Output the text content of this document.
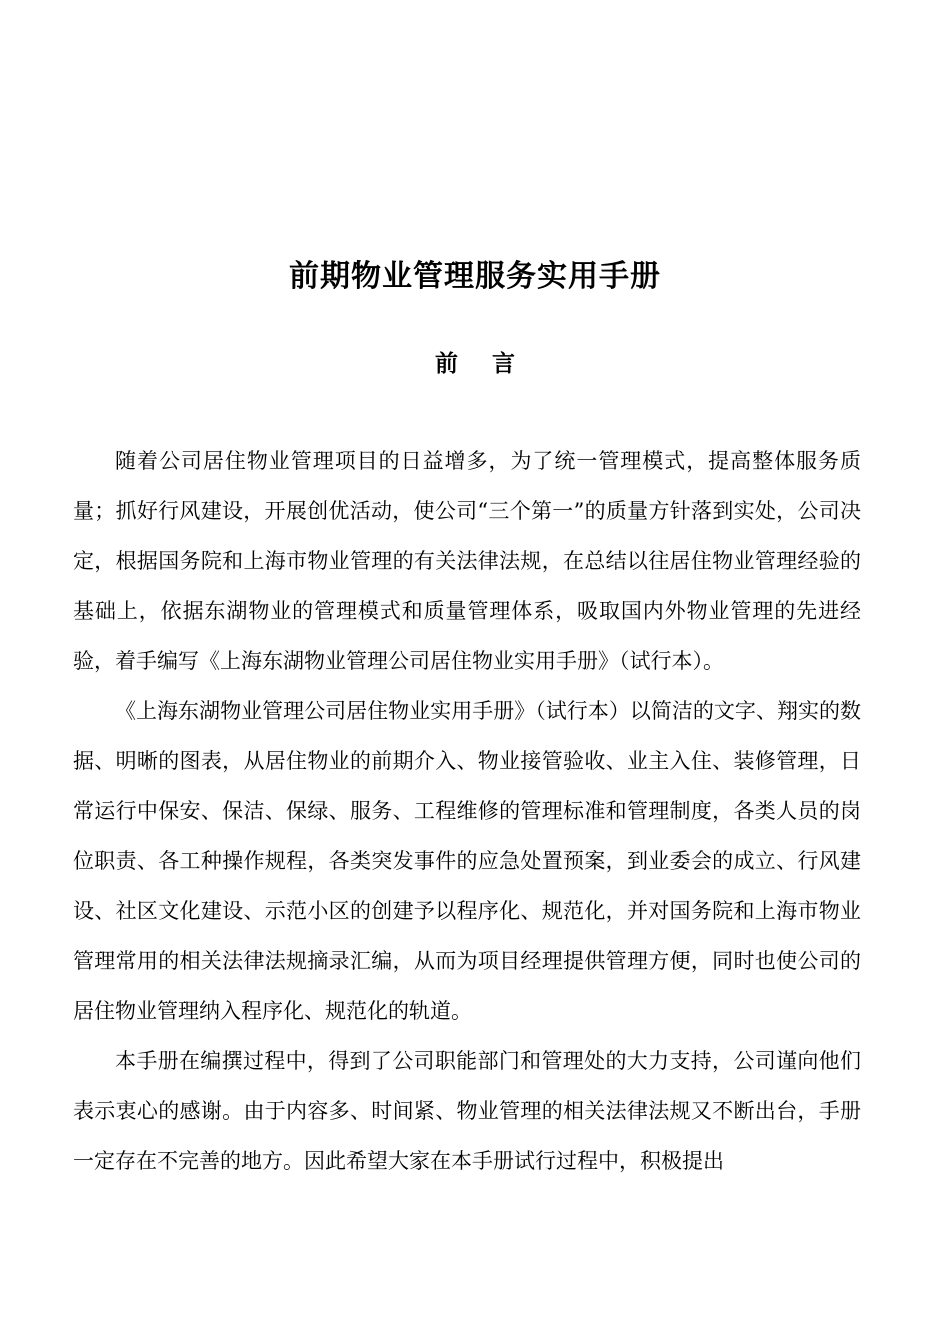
前期物业管理服务实用手册
前 言

随着公司居住物业管理项目的日益增多，为了统一管理模式，提高整体服务质量；抓好行风建设，开展创优活动，使公司“三个第一”的质量方针落到实处，公司决定，根据国务院和上海市物业管理的有关法律法规，在总结以往居住物业管理经验的基础上，依据东湖物业的管理模式和质量管理体系，吸取国内外物业管理的先进经验，着手编写《上海东湖物业管理公司居住物业实用手册》（试行本）。

《上海东湖物业管理公司居住物业实用手册》（试行本）以简洁的文字、翔实的数据、明晰的图表，从居住物业的前期介入、物业接管验收、业主入住、装修管理，日常运行中保安、保洁、保绿、服务、工程维修的管理标准和管理制度，各类人员的岗位职责、各工种操作规程，各类突发事件的应急处置预案，到业委会的成立、行风建设、社区文化建设、示范小区的创建予以程序化、规范化，并对国务院和上海市物业管理常用的相关法律法规摘录汇编，从而为项目经理提供管理方便，同时也使公司的居住物业管理纳入程序化、规范化的轨道。

本手册在编撰过程中，得到了公司职能部门和管理处的大力支持，公司谨向他们表示衷心的感谢。由于内容多、时间紧、物业管理的相关法律法规又不断出台，手册一定存在不完善的地方。因此希望大家在本手册试行过程中，积极提出
